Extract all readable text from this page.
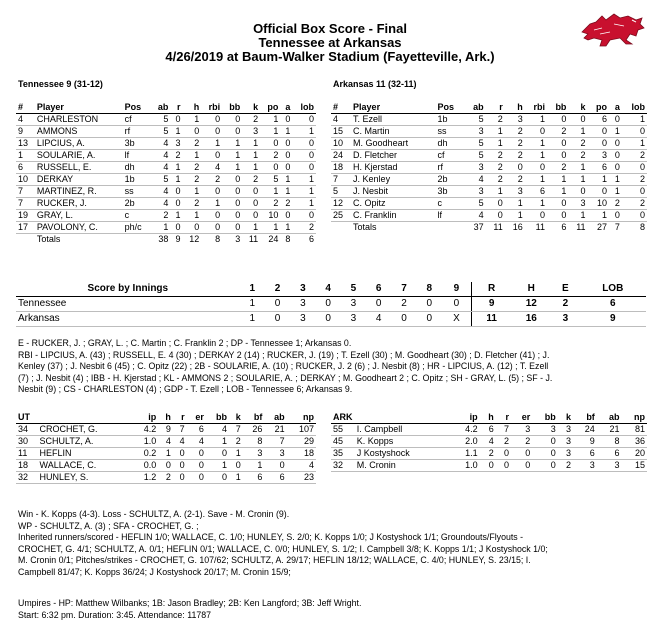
Official Box Score - Final
Tennessee at Arkansas
4/26/2019 at Baum-Walker Stadium (Fayetteville, Ark.)
Tennessee 9 (31-12)	Arkansas 11 (32-11)
#	Player	Pos	ab	r	h	rbi	bb	k	po	a	lob
4	CHARLESTON	cf	5	0	1	0	0	2	1	0	0
9	AMMONS	rf	5	1	0	0	0	3	1	1	1
13	LIPCIUS, A.	3b	4	3	2	1	1	1	0	0	0
1	SOULARIE, A.	lf	4	2	1	0	1	1	2	0	0
6	RUSSELL, E.	dh	4	1	2	4	1	1	0	0	0
10	DERKAY	1b	5	1	2	2	0	2	5	1	1
7	MARTINEZ, R.	ss	4	0	1	0	0	0	1	1	1
7	RUCKER, J.	2b	4	0	2	1	0	0	2	2	1
19	GRAY, L.	c	2	1	1	0	0	0	10	0	0
17	PAVOLONY, C.	ph/c	1	0	0	0	0	1	1	1	2
	Totals		38	9	12	8	3	11	24	8	6
#	Player	Pos	ab	r	h	rbi	bb	k	po	a	lob
4	T. Ezell	1b	5	2	3	1	0	0	6	0	1
15	C. Martin	ss	3	1	2	0	2	1	0	1	0
10	M. Goodheart	dh	5	1	2	1	0	2	0	0	1
24	D. Fletcher	cf	5	2	2	1	0	2	3	0	2
18	H. Kjerstad	rf	3	2	0	0	2	1	6	0	0
7	J. Kenley	2b	4	2	2	1	1	1	1	1	2
5	J. Nesbit	3b	3	1	3	6	1	0	0	1	0
12	C. Opitz	c	5	0	1	1	0	3	10	2	2
25	C. Franklin	lf	4	0	1	0	0	1	1	0	0
	Totals		37	11	16	11	6	11	27	7	8
Score by Innings	1	2	3	4	5	6	7	8	9	R	H	E	LOB
Tennessee	1	0	3	0	3	0	2	0	0	9	12	2	6
Arkansas	1	0	3	0	3	4	0	0	X	11	16	3	9
E - RUCKER, J. ; GRAY, L. ; C. Martin ; C. Franklin 2 ; DP - Tennessee 1; Arkansas 0.
RBI - LIPCIUS, A. (43) ; RUSSELL, E. 4 (30) ; DERKAY 2 (14) ; RUCKER, J. (19) ; T. Ezell (30) ; M. Goodheart (30) ; D. Fletcher (41) ; J.
Kenley (37) ; J. Nesbit 6 (45) ; C. Opitz (22) ; 2B - SOULARIE, A. (10) ; RUCKER, J. 2 (6) ; J. Nesbit (8) ; HR - LIPCIUS, A. (12) ; T. Ezell
(7) ; J. Nesbit (4) ; IBB - H. Kjerstad ; KL - AMMONS 2 ; SOULARIE, A. ; DERKAY ; M. Goodheart 2 ; C. Opitz ; SH - GRAY, L. (5) ; SF - J.
Nesbit (9) ; CS - CHARLESTON (4) ; GDP - T. Ezell ; LOB - Tennessee 6; Arkansas 9.
UT		ip	h	r	er	bb	k	bf	ab	np
34	CROCHET, G.	4.2	9	7	6	4	7	26	21	107
30	SCHULTZ, A.	1.0	4	4	4	1	2	8	7	29
11	HEFLIN	0.2	1	0	0	0	1	3	3	18
18	WALLACE, C.	0.0	0	0	0	1	0	1	0	4
32	HUNLEY, S.	1.2	2	0	0	0	1	6	6	23
ARK		ip	h	r	er	bb	k	bf	ab	np
55	I. Campbell	4.2	6	7	3	3	3	24	21	81
45	K. Kopps	2.0	4	2	2	0	3	9	8	36
35	J Kostyshock	1.1	2	0	0	0	3	6	6	20
32	M. Cronin	1.0	0	0	0	0	2	3	3	15
Win - K. Kopps (4-3). Loss - SCHULTZ, A. (2-1). Save - M. Cronin (9).
WP - SCHULTZ, A. (3) ; SFA - CROCHET, G. ;
Inherited runners/scored - HEFLIN 1/0; WALLACE, C. 1/0; HUNLEY, S. 2/0; K. Kopps 1/0; J Kostyshock 1/1; Groundouts/Flyouts -
CROCHET, G. 4/1; SCHULTZ, A. 0/1; HEFLIN 0/1; WALLACE, C. 0/0; HUNLEY, S. 1/2; I. Campbell 3/8; K. Kopps 1/1; J Kostyshock 1/0;
M. Cronin 0/1; Pitches/strikes - CROCHET, G. 107/62; SCHULTZ, A. 29/17; HEFLIN 18/12; WALLACE, C. 4/0; HUNLEY, S. 23/15; I.
Campbell 81/47; K. Kopps 36/24; J Kostyshock 20/17; M. Cronin 15/9;
Umpires - HP: Matthew Wilbanks; 1B: Jason Bradley; 2B: Ken Langford; 3B: Jeff Wright.
Start: 6:32 pm. Duration: 3:45. Attendance: 11787
